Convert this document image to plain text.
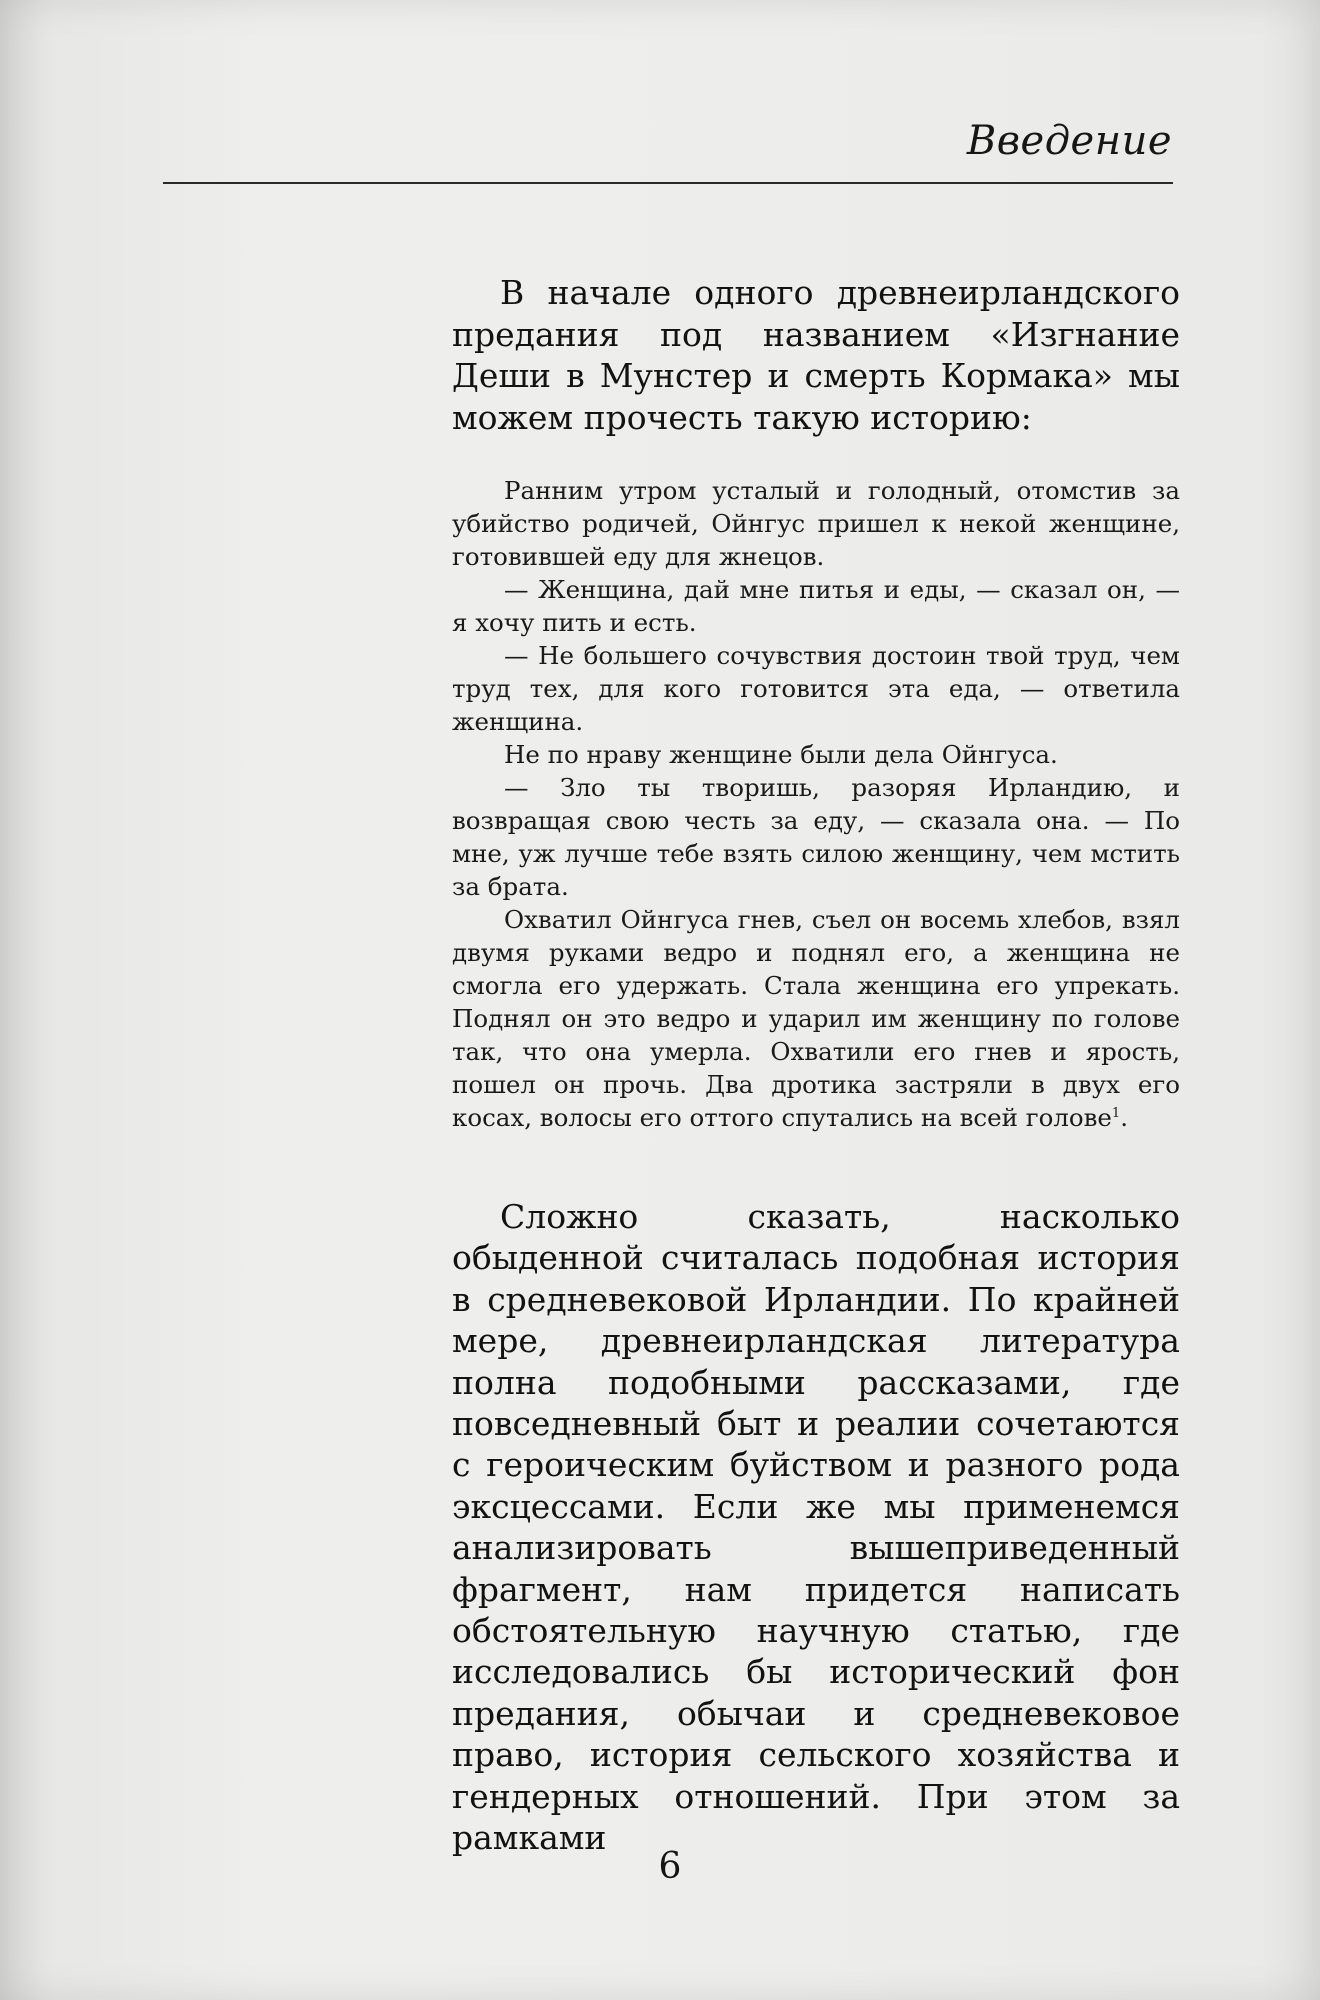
Введение

В начале одного древнеирландского предания под названием «Изгнание Деши в Мунстер и смерть Кормака» мы можем прочесть такую историю:

Ранним утром усталый и голодный, отомстив за убийство родичей, Ойнгус пришел к некой женщине, готовившей еду для жнецов.

— Женщина, дай мне питья и еды, — сказал он, — я хочу пить и есть.

— Не большего сочувствия достоин твой труд, чем труд тех, для кого готовится эта еда, — ответила женщина.

Не по нраву женщине были дела Ойнгуса.

— Зло ты творишь, разоряя Ирландию, и возвращая свою честь за еду, — сказала она. — По мне, уж лучше тебе взять силою женщину, чем мстить за брата.

Охватил Ойнгуса гнев, съел он восемь хлебов, взял двумя руками ведро и поднял его, а женщина не смогла его удержать. Стала женщина его упрекать. Поднял он это ведро и ударил им женщину по голове так, что она умерла. Охватили его гнев и ярость, пошел он прочь. Два дротика застряли в двух его косах, волосы его оттого спутались на всей голове$^1$.

Сложно сказать, насколько обыденной считалась подобная история в средневековой Ирландии. По крайней мере, древнеирландская литература полна подобными рассказами, где повседневный быт и реалии сочетаются с героическим буйством и разного рода эксцессами. Если же мы применемся анализировать вышеприведенный фрагмент, нам придется написать обстоятельную научную статью, где исследовались бы исторический фон предания, обычаи и средневековое право, история сельского хозяйства и гендерных отношений. При этом за рамками

6
